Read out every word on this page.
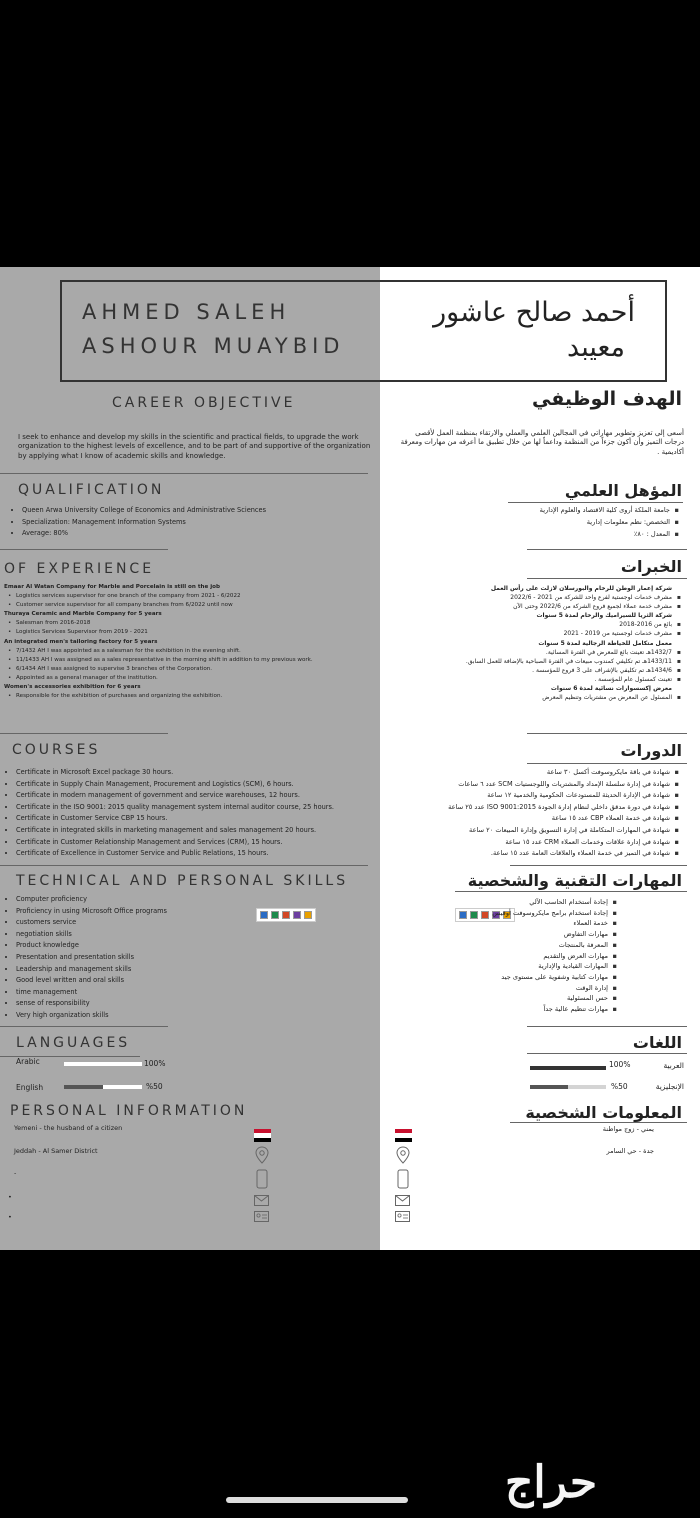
AHMED SALEH
ASHOUR MUAYBID
أحمد صالح عاشور
معيبد
CAREER OBJECTIVE	الهدف الوظيفي
I seek to enhance and develop my skills in the scientific and practical fields, to upgrade the work organization to the highest levels of excellence, and to be part of and supportive of the organization by applying what I know of academic skills and knowledge.
أسعى إلى تعزيز وتطوير مهاراتي في المجالين العلمي والعملي والارتقاء بمنظمة العمل لأقصى درجات التميز وأن أكون جزءاً من المنظمة وداعماً لها من خلال تطبيق ما أعرفه من مهارات ومعرفة أكاديمية .
QUALIFICATION	المؤهل العلمي
• Queen Arwa University College of Economics and Administrative Sciences
• Specialization: Management Information Systems
• Average: 80%
▪ جامعة الملكة أروى كلية الاقتصاد والعلوم الإدارية
▪ التخصص: نظم معلومات إدارية
▪ المعدل : ٨٠٪
OF EXPERIENCE	الخبرات
Emaar Al Watan Company for Marble and Porcelain is still on the job
• Logistics services supervisor for one branch of the company from 2021 - 6/2022
• Customer service supervisor for all company branches from 6/2022 until now
Thuraya Ceramic and Marble Company for 5 years
• Salesman from 2016-2018
• Logistics Services Supervisor from 2019 - 2021
An integrated men's tailoring factory for 5 years
• 7/1432 AH I was appointed as a salesman for the exhibition in the evening shift.
• 11/1433 AH I was assigned as a sales representative in the morning shift in addition to my previous work.
• 6/1434 AH I was assigned to supervise 3 branches of the Corporation.
• Appointed as a general manager of the institution.
Women's accessories exhibition for 6 years
• Responsible for the exhibition of purchases and organizing the exhibition.
شركة إعمار الوطن للرخام والبورسلان لازلت على رأس العمل
▪ مشرف خدمات لوجستية لفرع واحد للشركة من 2021 - 2022/6
▪ مشرف خدمة عملاء لجميع فروع الشركة من 2022/6 وحتى الآن
شركة الثريا للسيراميك والرخام لمدة 5 سنوات
▪ بائع من 2016-2018
▪ مشرف خدمات لوجستية من 2019 - 2021
معمل متكامل للخياطة الرجالية لمدة 5 سنوات
▪ 1432/7هـ تعينت بائع للمعرض في الفترة المسائية.
▪ 1433/11هـ تم تكليفي كمندوب مبيعات في الفترة الصباحية بالإضافة للعمل السابق.
▪ 1434/6هـ تم تكليفي بالإشراف على 3 فروع للمؤسسة .
▪ تعينت كمسئول عام للمؤسسة .
معرض إكسسوارات نسائية لمدة 6 سنوات
▪ المسئول عن المعرض من مشتريات وتنظيم المعرض
COURSES	الدورات
• Certificate in Microsoft Excel package 30 hours.
• Certificate in Supply Chain Management, Procurement and Logistics (SCM), 6 hours.
• Certificate in modern management of government and service warehouses, 12 hours.
• Certificate in the ISO 9001: 2015 quality management system internal auditor course, 25 hours.
• Certificate in Customer Service CBP 15 hours.
• Certificate in integrated skills in marketing management and sales management 20 hours.
• Certificate in Customer Relationship Management and Services (CRM), 15 hours.
• Certificate of Excellence in Customer Service and Public Relations, 15 hours.
▪ شهادة في باقة مايكروسوفت أكسل ٣٠ ساعة
▪ شهادة في إدارة سلسلة الإمداد والمشتريات واللوجستيات SCM عدد ٦ ساعات
▪ شهادة في الإدارة الحديثة للمستودعات الحكومية والخدمية ١٢ ساعة
▪ شهادة في دورة مدقق داخلي لنظام إدارة الجودة ISO 9001:2015 عدد ٢٥ ساعة
▪ شهادة في خدمة العملاء CBP عدد ١٥ ساعة
▪ شهادة في المهارات المتكاملة في إدارة التسويق وإدارة المبيعات ٢٠ ساعة
▪ شهادة في إدارة علاقات وخدمات العملاء CRM عدد ١٥ ساعة
▪ شهادة في التميز في خدمة العملاء والعلاقات العامة عدد ١٥ ساعة.
TECHNICAL AND PERSONAL SKILLS	المهارات التقنية والشخصية
• Computer proficiency
• Proficiency in using Microsoft Office programs
• customers service
• negotiation skills
• Product knowledge
• Presentation and presentation skills
• Leadership and management skills
• Good level written and oral skills
• time management
• sense of responsibility
• Very high organization skills
▪ إجادة أستخدام الحاسب الآلي
▪ إجادة استخدام برامج مايكروسوفت أوفيس
▪ خدمة العملاء
▪ مهارات التفاوض
▪ المعرفة بالمنتجات
▪ مهارات العرض والتقديم
▪ المهارات القيادية والإدارية
▪ مهارات كتابية وشفوية على مستوى جيد
▪ إدارة الوقت
▪ حس المسئولية
▪ مهارات تنظيم عالية جداً
LANGUAGES	اللغات
Arabic	100%
English	%50
100%	العربية
%50	الإنجليزية
PERSONAL INFORMATION	المعلومات الشخصية
Yemeni - the husband of a citizen
Jeddah - Al Samer District
-
•
•
يمني - زوج مواطنة
جدة - حي السامر
حراج
